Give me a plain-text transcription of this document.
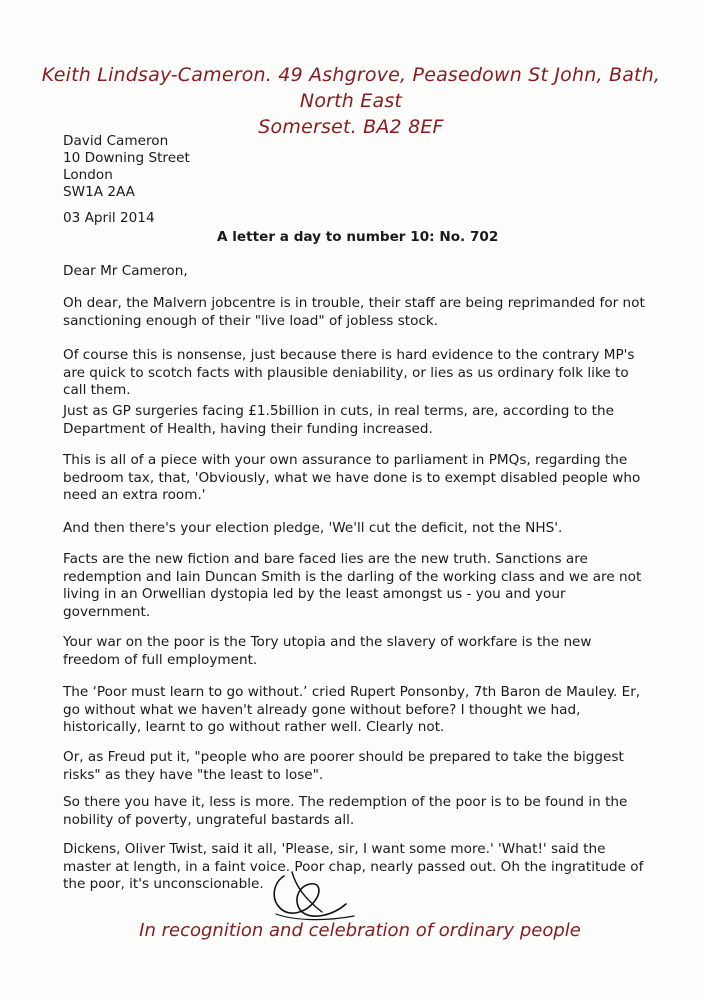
Keith Lindsay-Cameron. 49 Ashgrove, Peasedown St John, Bath, North East
Somerset. BA2 8EF
David Cameron
10 Downing Street
London
SW1A 2AA
03 April 2014
A letter a day to number 10: No. 702
Dear Mr Cameron,

Oh dear, the Malvern jobcentre is in trouble, their staff are being reprimanded for not sanctioning enough of their "live load" of jobless stock.

Of course this is nonsense, just because there is hard evidence to the contrary MP's are quick to scotch facts with plausible deniability, or lies as us ordinary folk like to call them.

Just as GP surgeries facing £1.5billion in cuts, in real terms, are, according to the Department of Health, having their funding increased.

This is all of a piece with your own assurance to parliament in PMQs, regarding the bedroom tax, that, 'Obviously, what we have done is to exempt disabled people who need an extra room.'

And then there's your election pledge, 'We'll cut the deficit, not the NHS'.

Facts are the new fiction and bare faced lies are the new truth. Sanctions are redemption and Iain Duncan Smith is the darling of the working class and we are not living in an Orwellian dystopia led by the least amongst us - you and your government.

Your war on the poor is the Tory utopia and the slavery of workfare is the new freedom of full employment.

The ‘Poor must learn to go without.’ cried Rupert Ponsonby, 7th Baron de Mauley. Er, go without what we haven't already gone without before? I thought we had, historically, learnt to go without rather well. Clearly not.

Or, as Freud put it, "people who are poorer should be prepared to take the biggest risks" as they have "the least to lose".

So there you have it, less is more. The redemption of the poor is to be found in the nobility of poverty, ungrateful bastards all.

Dickens, Oliver Twist, said it all, 'Please, sir, I want some more.' 'What!' said the master at length, in a faint voice. Poor chap, nearly passed out. Oh the ingratitude of the poor, it's unconscionable.

In recognition and celebration of ordinary people
